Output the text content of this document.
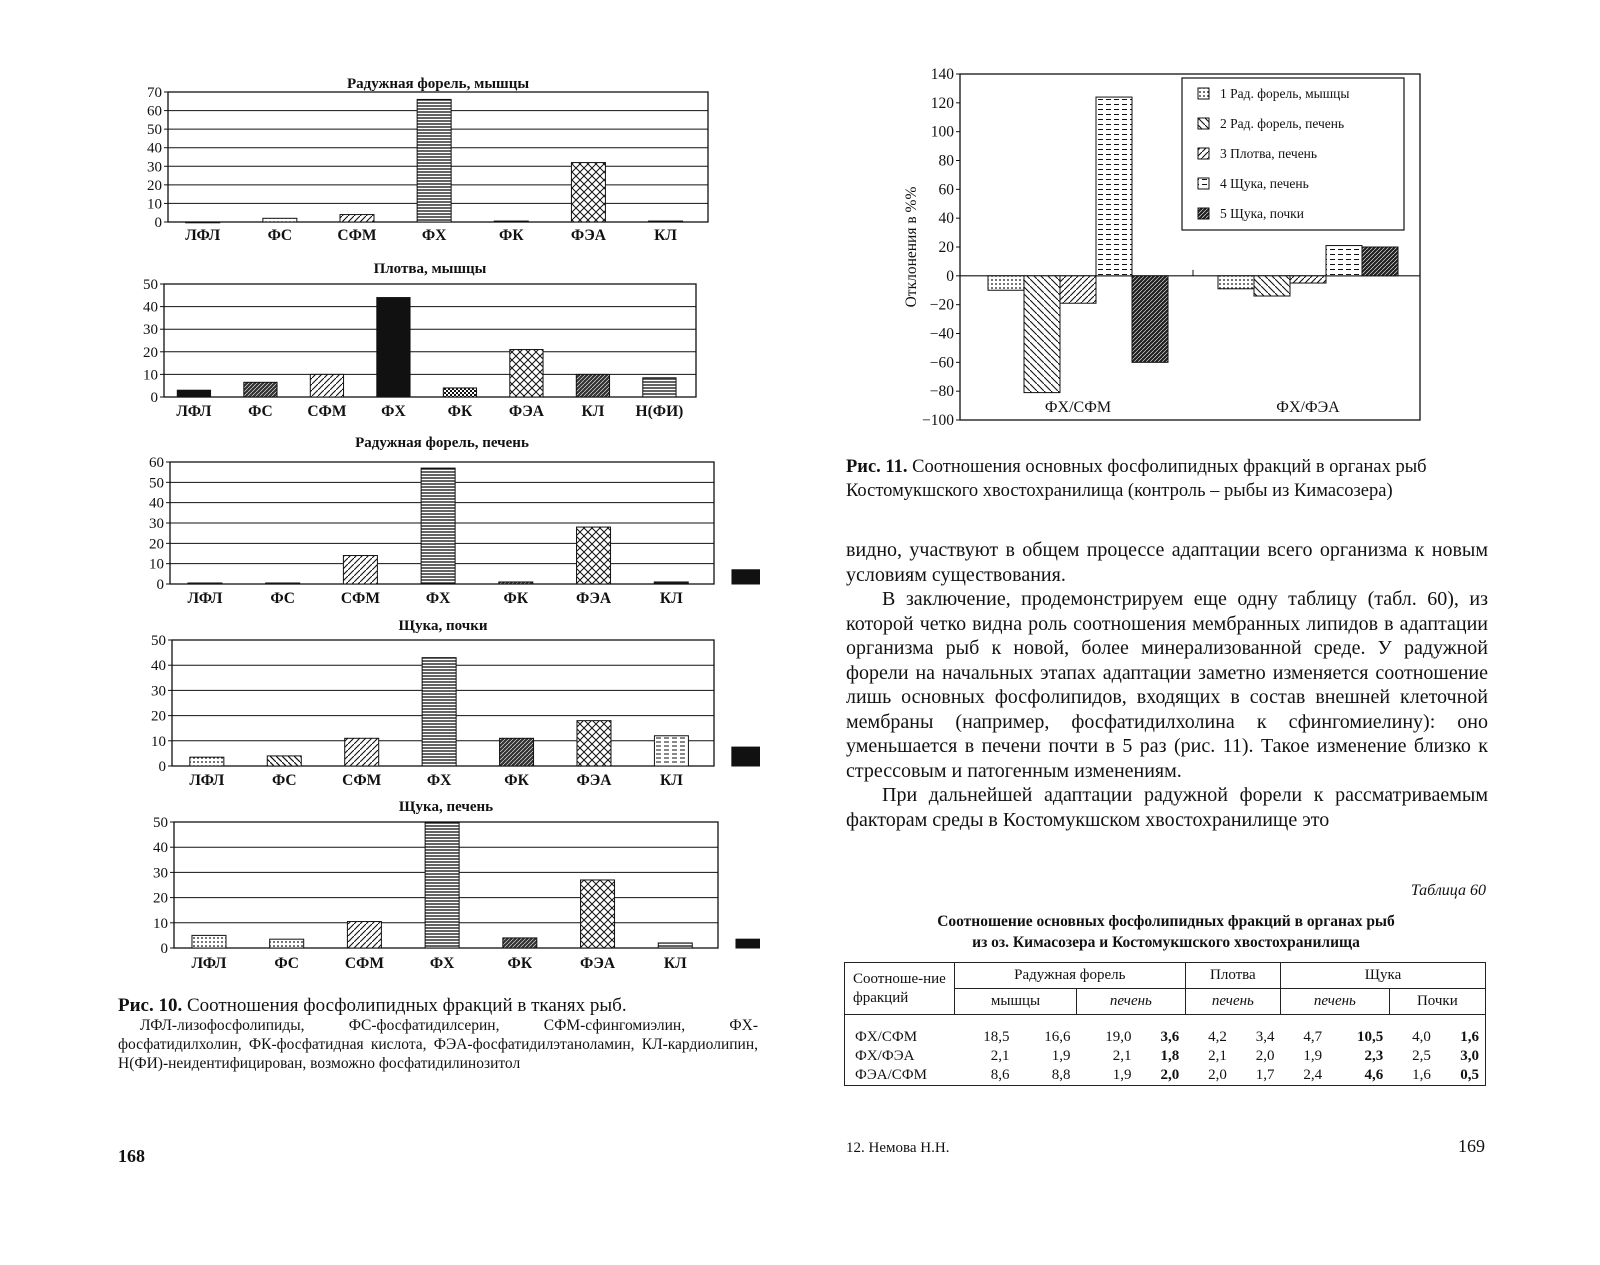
Радужная форель, мышцы
0
10
20
30
40
50
60
70
ЛФЛ	ФС	СФМ	ФХ	ФК	ФЭА	КЛ
Плотва, мышцы
0
10
20
30
40
50
ЛФЛ ФС СФМ ФХ	ФК ФЭА КЛ Н(ФИ)
Радужная форель, печень
0
10
20
30
40
50
60
ЛФЛ	ФС	СФМ	ФХ	ФК	ФЭА	КЛ
Щука, почки
0
10
20
30
40
50
ЛФЛ	ФС	СФМ	ФХ	ФК	ФЭА	КЛ
Щука, печень
0
10
20
30
40
50
ЛФЛ	ФС	СФМ	ФХ	ФК	ФЭА	КЛ
Рис. 10. Соотношения фосфолипидных фракций в тканях рыб.
ЛФЛ-лизофосфолипиды, ФС-фосфатидилсерин, СФМ-сфингомиэлин, ФХ-фосфатидилхолин, ФК-фосфатидная кислота, ФЭА-фосфатидилэтаноламин, КЛ-кардиолипин, Н(ФИ)-неидентифицирован, возможно фосфатидилинозитол
168
140
120
100
80
60
40
20
0
−20
−40
−60
−80
−100
Отклонения в %%
ФХ/СФМ	ФХ/ФЭА
1 Рад. форель, мышцы
2 Рад. форель, печень
3 Плотва, печень
4 Щука, печень
5 Щука, почки
Рис. 11. Соотношения основных фосфолипидных фракций в органах рыб Костомукшского хвостохранилища (контроль – рыбы из Кимасозера)

видно, участвуют в общем процессе адаптации всего организма к новым условиям существования.

В заключение, продемонстрируем еще одну таблицу (табл. 60), из которой четко видна роль соотношения мембранных липидов в адаптации организма рыб к новой, более минерализованной среде. У радужной форели на начальных этапах адаптации заметно изменяется соотношение лишь основных фосфолипидов, входящих в состав внешней клеточной мембраны (например, фосфатидилхолина к сфингомиелину): оно уменьшается в печени почти в 5 раз (рис. 11). Такое изменение близко к стрессовым и патогенным изменениям.

При дальнейшей адаптации радужной форели к рассматриваемым факторам среды в Костомукшском хвостохранилище это

Таблица 60
Соотношение основных фосфолипидных фракций в органах рыб
из оз. Кимасозера и Костомукшского хвостохранилища
Соотноше-ние фракций	Радужная форель				Плотва		Щука			
	мышцы		печень		печень		печень		Почки	
ФХ/СФМ	18,5	16,6	19,0	3,6	4,2	3,4	4,7	10,5	4,0	1,6
ФХ/ФЭА	2,1	1,9	2,1	1,8	2,1	2,0	1,9	2,3	2,5	3,0
ФЭА/СФМ	8,6	8,8	1,9	2,0	2,0	1,7	2,4	4,6	1,6	0,5
12. Немова Н.Н.	169
